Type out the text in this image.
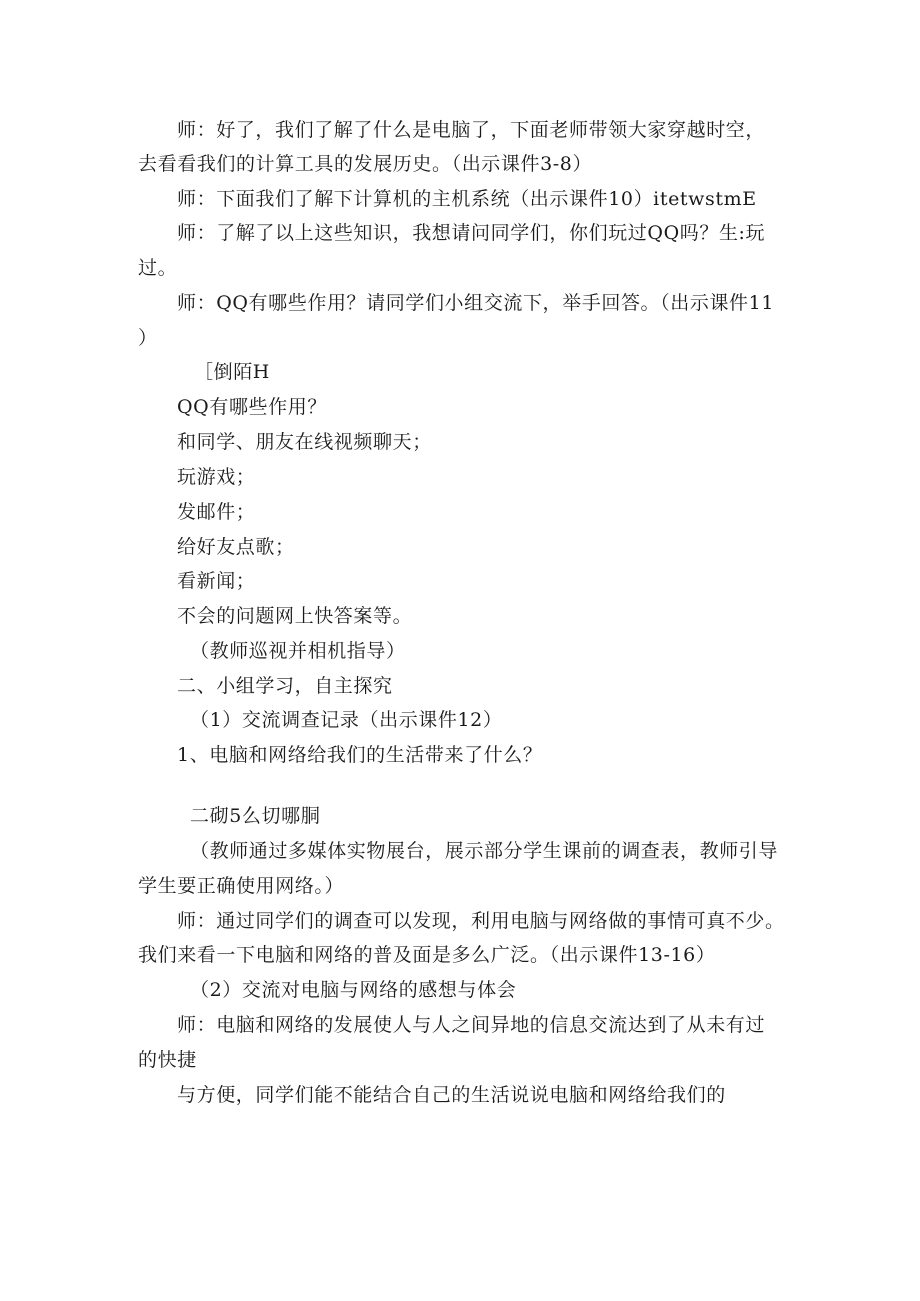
师：好了，我们了解了什么是电脑了，下面老师带领大家穿越时空，
去看看我们的计算工具的发展历史。（出示课件3-8）
师：下面我们了解下计算机的主机系统（出示课件10）itetwstmE
师：了解了以上这些知识，我想请问同学们，你们玩过QQ吗？生:玩
过。
师：QQ有哪些作用？请同学们小组交流下，举手回答。（出示课件11
）
［倒陌H
QQ有哪些作用？
和同学、朋友在线视频聊天；
玩游戏；
发邮件；
给好友点歌；
看新闻；
不会的问题网上快答案等。
（教师巡视并相机指导）
二、小组学习，自主探究
（1）交流调查记录（出示课件12）
1、电脑和网络给我们的生活带来了什么？
二砌5么切哪胴
（教师通过多媒体实物展台，展示部分学生课前的调查表，教师引导
学生要正确使用网络。）
师：通过同学们的调查可以发现，利用电脑与网络做的事情可真不少。
我们来看一下电脑和网络的普及面是多么广泛。（出示课件13-16）
（2）交流对电脑与网络的感想与体会
师：电脑和网络的发展使人与人之间异地的信息交流达到了从未有过
的快捷
与方便，同学们能不能结合自己的生活说说电脑和网络给我们的
